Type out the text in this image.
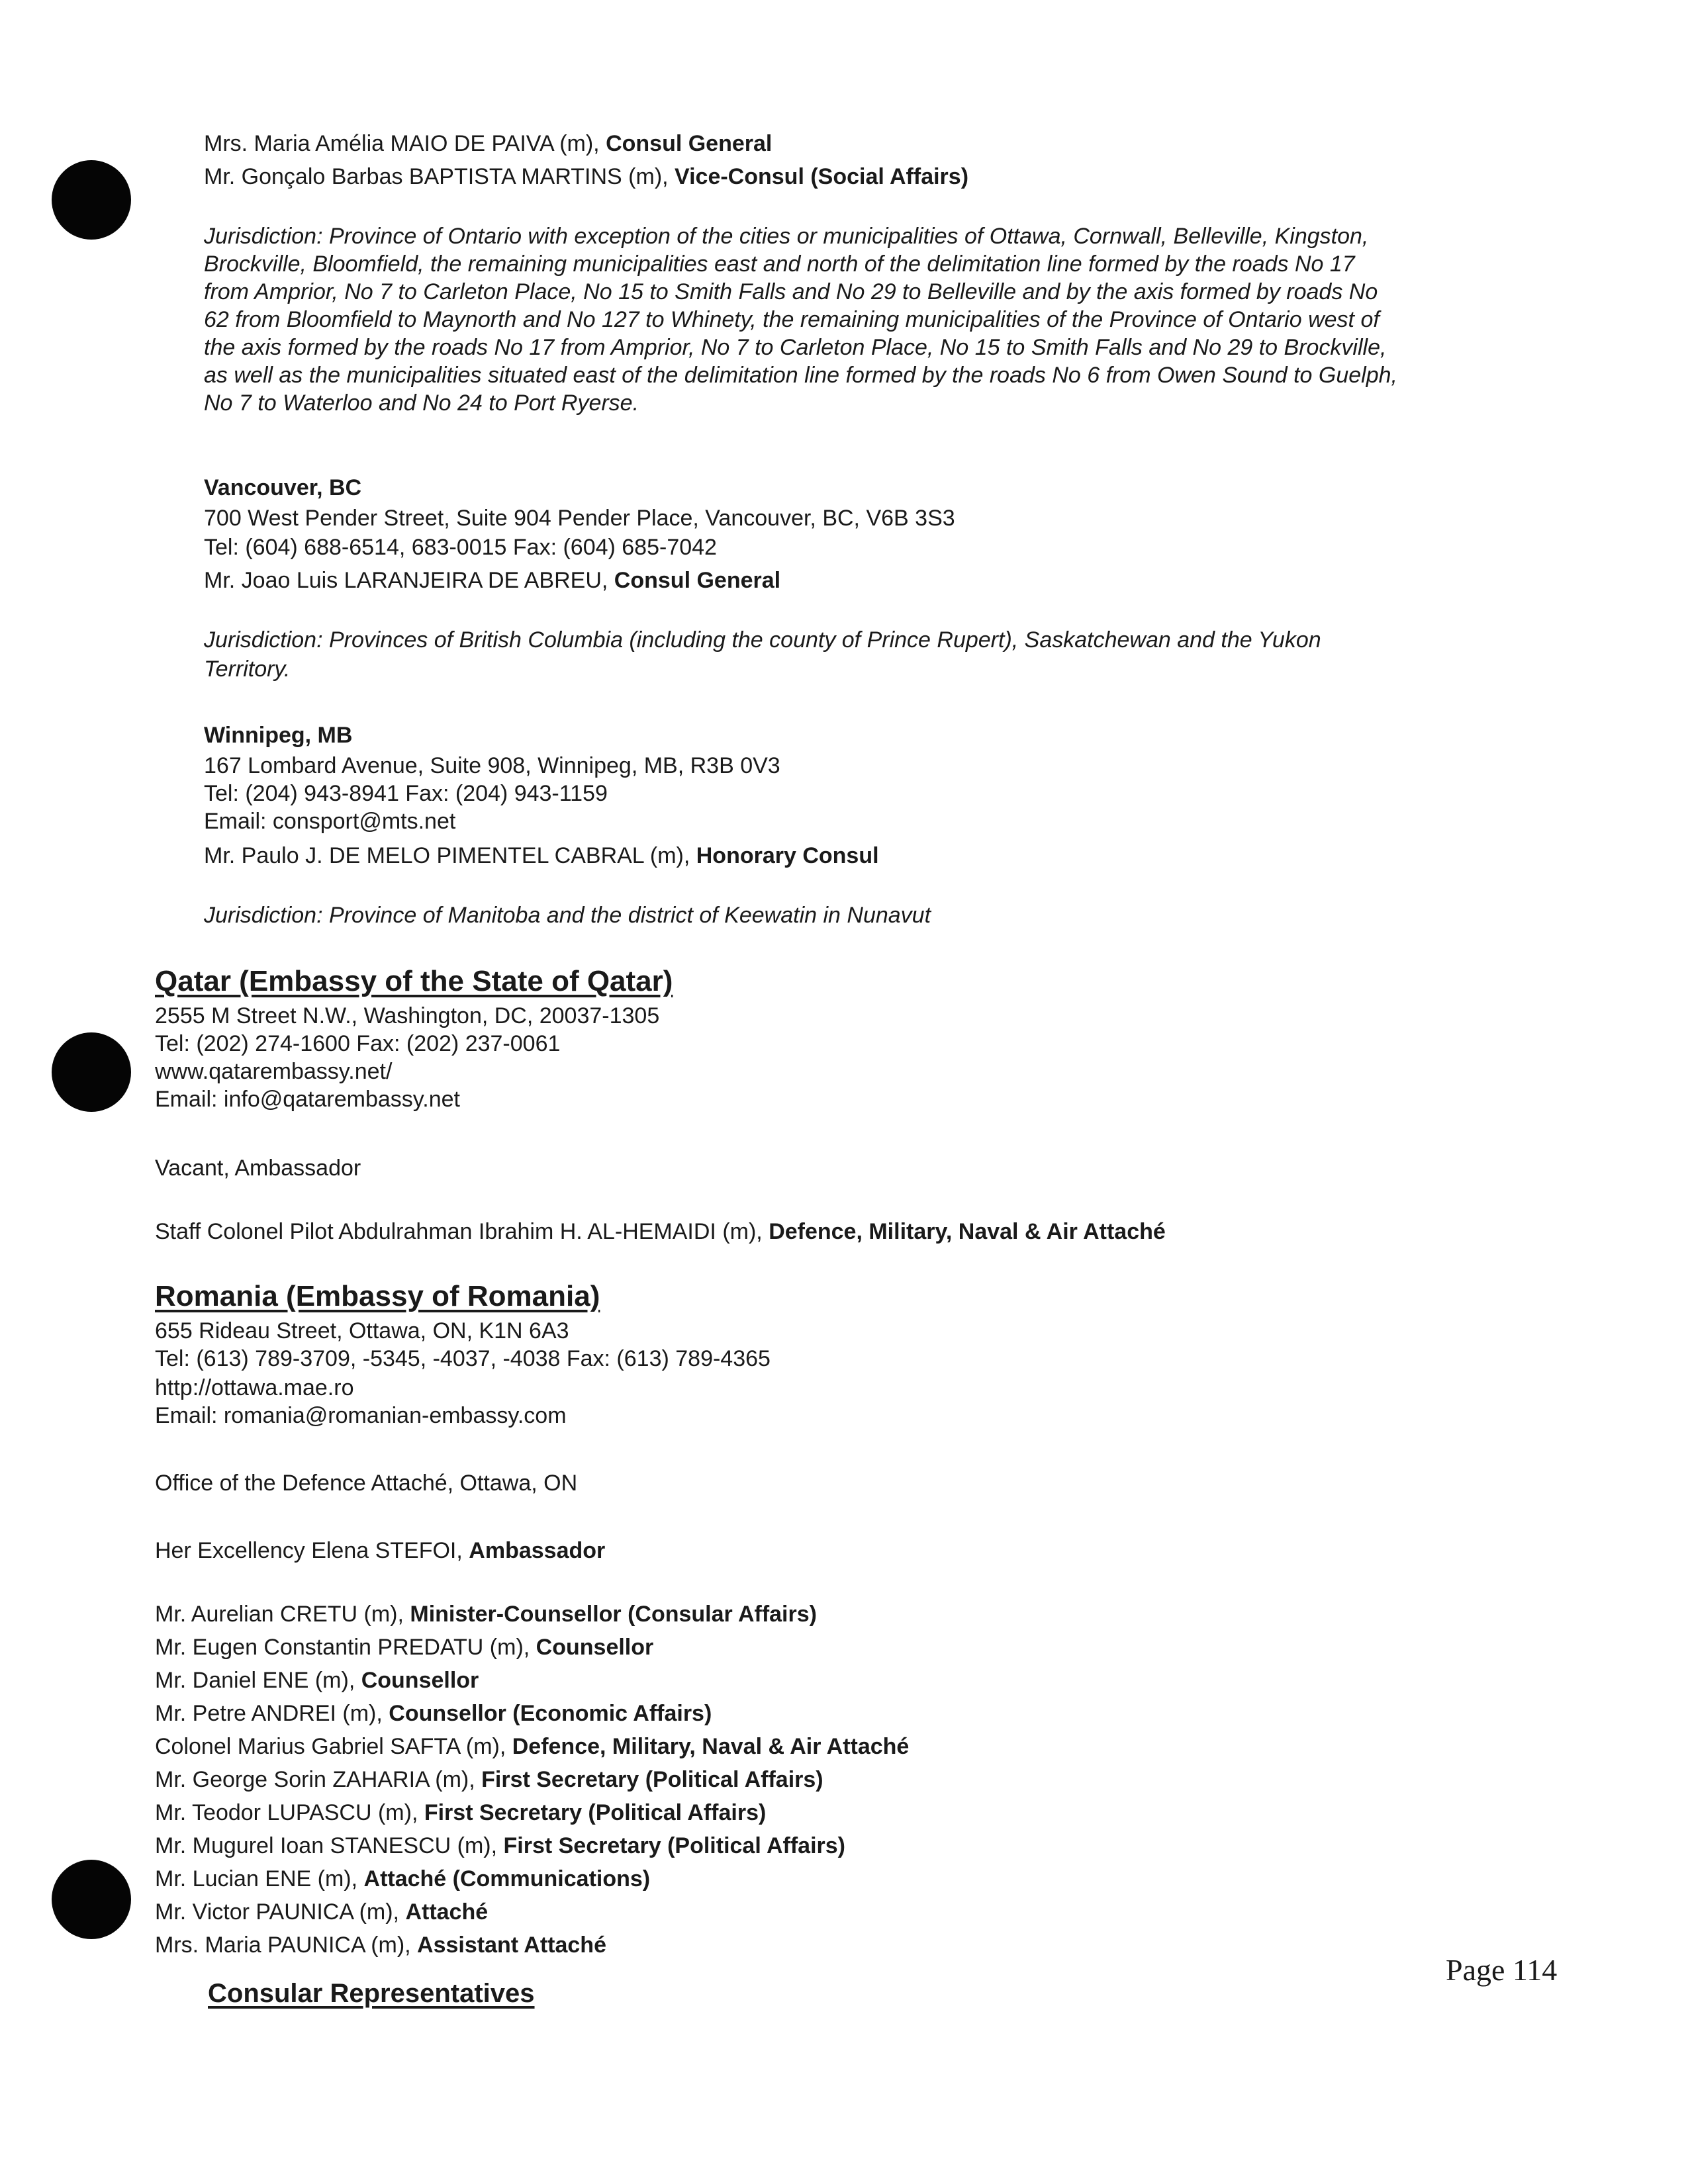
Mrs. Maria Amélia MAIO DE PAIVA (m), Consul General
Mr. Gonçalo Barbas BAPTISTA MARTINS (m), Vice-Consul (Social Affairs)
Jurisdiction: Province of Ontario with exception of the cities or municipalities of Ottawa, Cornwall, Belleville, Kingston,
Brockville, Bloomfield, the remaining municipalities east and north of the delimitation line formed by the roads No 17
from Amprior, No 7 to Carleton Place, No 15 to Smith Falls and No 29 to Belleville and by the axis formed by roads No
62 from Bloomfield to Maynorth and No 127 to Whinety, the remaining municipalities of the Province of Ontario west of
the axis formed by the roads No 17 from Amprior, No 7 to Carleton Place, No 15 to Smith Falls and No 29 to Brockville,
as well as the municipalities situated east of the delimitation line formed by the roads No 6 from Owen Sound to Guelph,
No 7 to Waterloo and No 24 to Port Ryerse.
Vancouver, BC
700 West Pender Street, Suite 904 Pender Place, Vancouver, BC, V6B 3S3
Tel: (604) 688-6514, 683-0015 Fax: (604) 685-7042
Mr. Joao Luis LARANJEIRA DE ABREU, Consul General
Jurisdiction: Provinces of British Columbia (including the county of Prince Rupert), Saskatchewan and the Yukon
Territory.
Winnipeg, MB
167 Lombard Avenue, Suite 908, Winnipeg, MB, R3B 0V3
Tel: (204) 943-8941 Fax: (204) 943-1159
Email: consport@mts.net
Mr. Paulo J. DE MELO PIMENTEL CABRAL (m), Honorary Consul
Jurisdiction: Province of Manitoba and the district of Keewatin in Nunavut
Qatar (Embassy of the State of Qatar)
2555 M Street N.W., Washington, DC, 20037-1305
Tel: (202) 274-1600 Fax: (202) 237-0061
www.qatarembassy.net/
Email: info@qatarembassy.net
Vacant, Ambassador
Staff Colonel Pilot Abdulrahman Ibrahim H. AL-HEMAIDI (m), Defence, Military, Naval & Air Attaché
Romania (Embassy of Romania)
655 Rideau Street, Ottawa, ON, K1N 6A3
Tel: (613) 789-3709, -5345, -4037, -4038 Fax: (613) 789-4365
http://ottawa.mae.ro
Email: romania@romanian-embassy.com
Office of the Defence Attaché, Ottawa, ON
Her Excellency Elena STEFOI, Ambassador
Mr. Aurelian CRETU (m), Minister-Counsellor (Consular Affairs)
Mr. Eugen Constantin PREDATU (m), Counsellor
Mr. Daniel ENE (m), Counsellor
Mr. Petre ANDREI (m), Counsellor (Economic Affairs)
Colonel Marius Gabriel SAFTA (m), Defence, Military, Naval & Air Attaché
Mr. George Sorin ZAHARIA (m), First Secretary (Political Affairs)
Mr. Teodor LUPASCU (m), First Secretary (Political Affairs)
Mr. Mugurel Ioan STANESCU (m), First Secretary (Political Affairs)
Mr. Lucian ENE (m), Attaché (Communications)
Mr. Victor PAUNICA (m), Attaché
Mrs. Maria PAUNICA (m), Assistant Attaché
Page 114
Consular Representatives
